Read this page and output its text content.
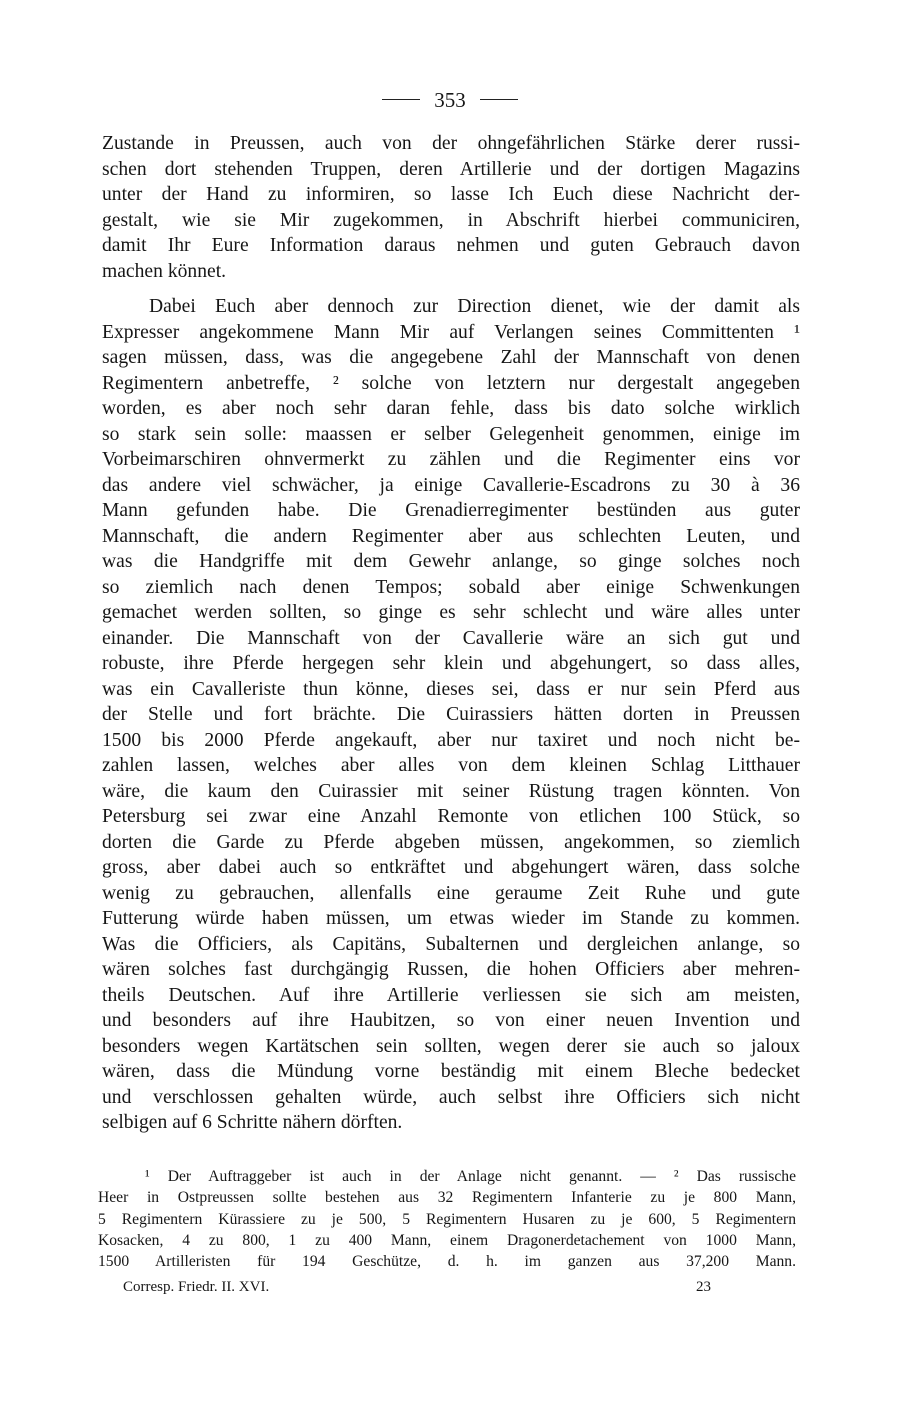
353

Zustande in Preussen, auch von der ohngefährlichen Stärke derer russi-
schen dort stehenden Truppen, deren Artillerie und der dortigen Magazins
unter der Hand zu informiren, so lasse Ich Euch diese Nachricht der-
gestalt, wie sie Mir zugekommen, in Abschrift hierbei communiciren,
damit Ihr Eure Information daraus nehmen und guten Gebrauch davon
machen könnet.

Dabei Euch aber dennoch zur Direction dienet, wie der damit als
Expresser angekommene Mann Mir auf Verlangen seines Committenten ¹
sagen müssen, dass, was die angegebene Zahl der Mannschaft von denen
Regimentern anbetreffe, ² solche von letztern nur dergestalt angegeben
worden, es aber noch sehr daran fehle, dass bis dato solche wirklich
so stark sein solle: maassen er selber Gelegenheit genommen, einige im
Vorbeimarschiren ohnvermerkt zu zählen und die Regimenter eins vor
das andere viel schwächer, ja einige Cavallerie-Escadrons zu 30 à 36
Mann gefunden habe. Die Grenadierregimenter bestünden aus guter
Mannschaft, die andern Regimenter aber aus schlechten Leuten, und
was die Handgriffe mit dem Gewehr anlange, so ginge solches noch
so ziemlich nach denen Tempos; sobald aber einige Schwenkungen
gemachet werden sollten, so ginge es sehr schlecht und wäre alles unter
einander. Die Mannschaft von der Cavallerie wäre an sich gut und
robuste, ihre Pferde hergegen sehr klein und abgehungert, so dass alles,
was ein Cavalleriste thun könne, dieses sei, dass er nur sein Pferd aus
der Stelle und fort brächte. Die Cuirassiers hätten dorten in Preussen
1500 bis 2000 Pferde angekauft, aber nur taxiret und noch nicht be-
zahlen lassen, welches aber alles von dem kleinen Schlag Litthauer
wäre, die kaum den Cuirassier mit seiner Rüstung tragen könnten. Von
Petersburg sei zwar eine Anzahl Remonte von etlichen 100 Stück, so
dorten die Garde zu Pferde abgeben müssen, angekommen, so ziemlich
gross, aber dabei auch so entkräftet und abgehungert wären, dass solche
wenig zu gebrauchen, allenfalls eine geraume Zeit Ruhe und gute
Futterung würde haben müssen, um etwas wieder im Stande zu kommen.
Was die Officiers, als Capitäns, Subalternen und dergleichen anlange, so
wären solches fast durchgängig Russen, die hohen Officiers aber mehren-
theils Deutschen. Auf ihre Artillerie verliessen sie sich am meisten,
und besonders auf ihre Haubitzen, so von einer neuen Invention und
besonders wegen Kartätschen sein sollten, wegen derer sie auch so jaloux
wären, dass die Mündung vorne beständig mit einem Bleche bedecket
und verschlossen gehalten würde, auch selbst ihre Officiers sich nicht
selbigen auf 6 Schritte nähern dörften.

¹ Der Auftraggeber ist auch in der Anlage nicht genannt. — ² Das russische
Heer in Ostpreussen sollte bestehen aus 32 Regimentern Infanterie zu je 800 Mann,
5 Regimentern Kürassiere zu je 500, 5 Regimentern Husaren zu je 600, 5 Regimentern
Kosacken, 4 zu 800, 1 zu 400 Mann, einem Dragonerdetachement von 1000 Mann,
1500 Artilleristen für 194 Geschütze, d. h. im ganzen aus 37,200 Mann.
Corresp. Friedr. II. XVI.	23
